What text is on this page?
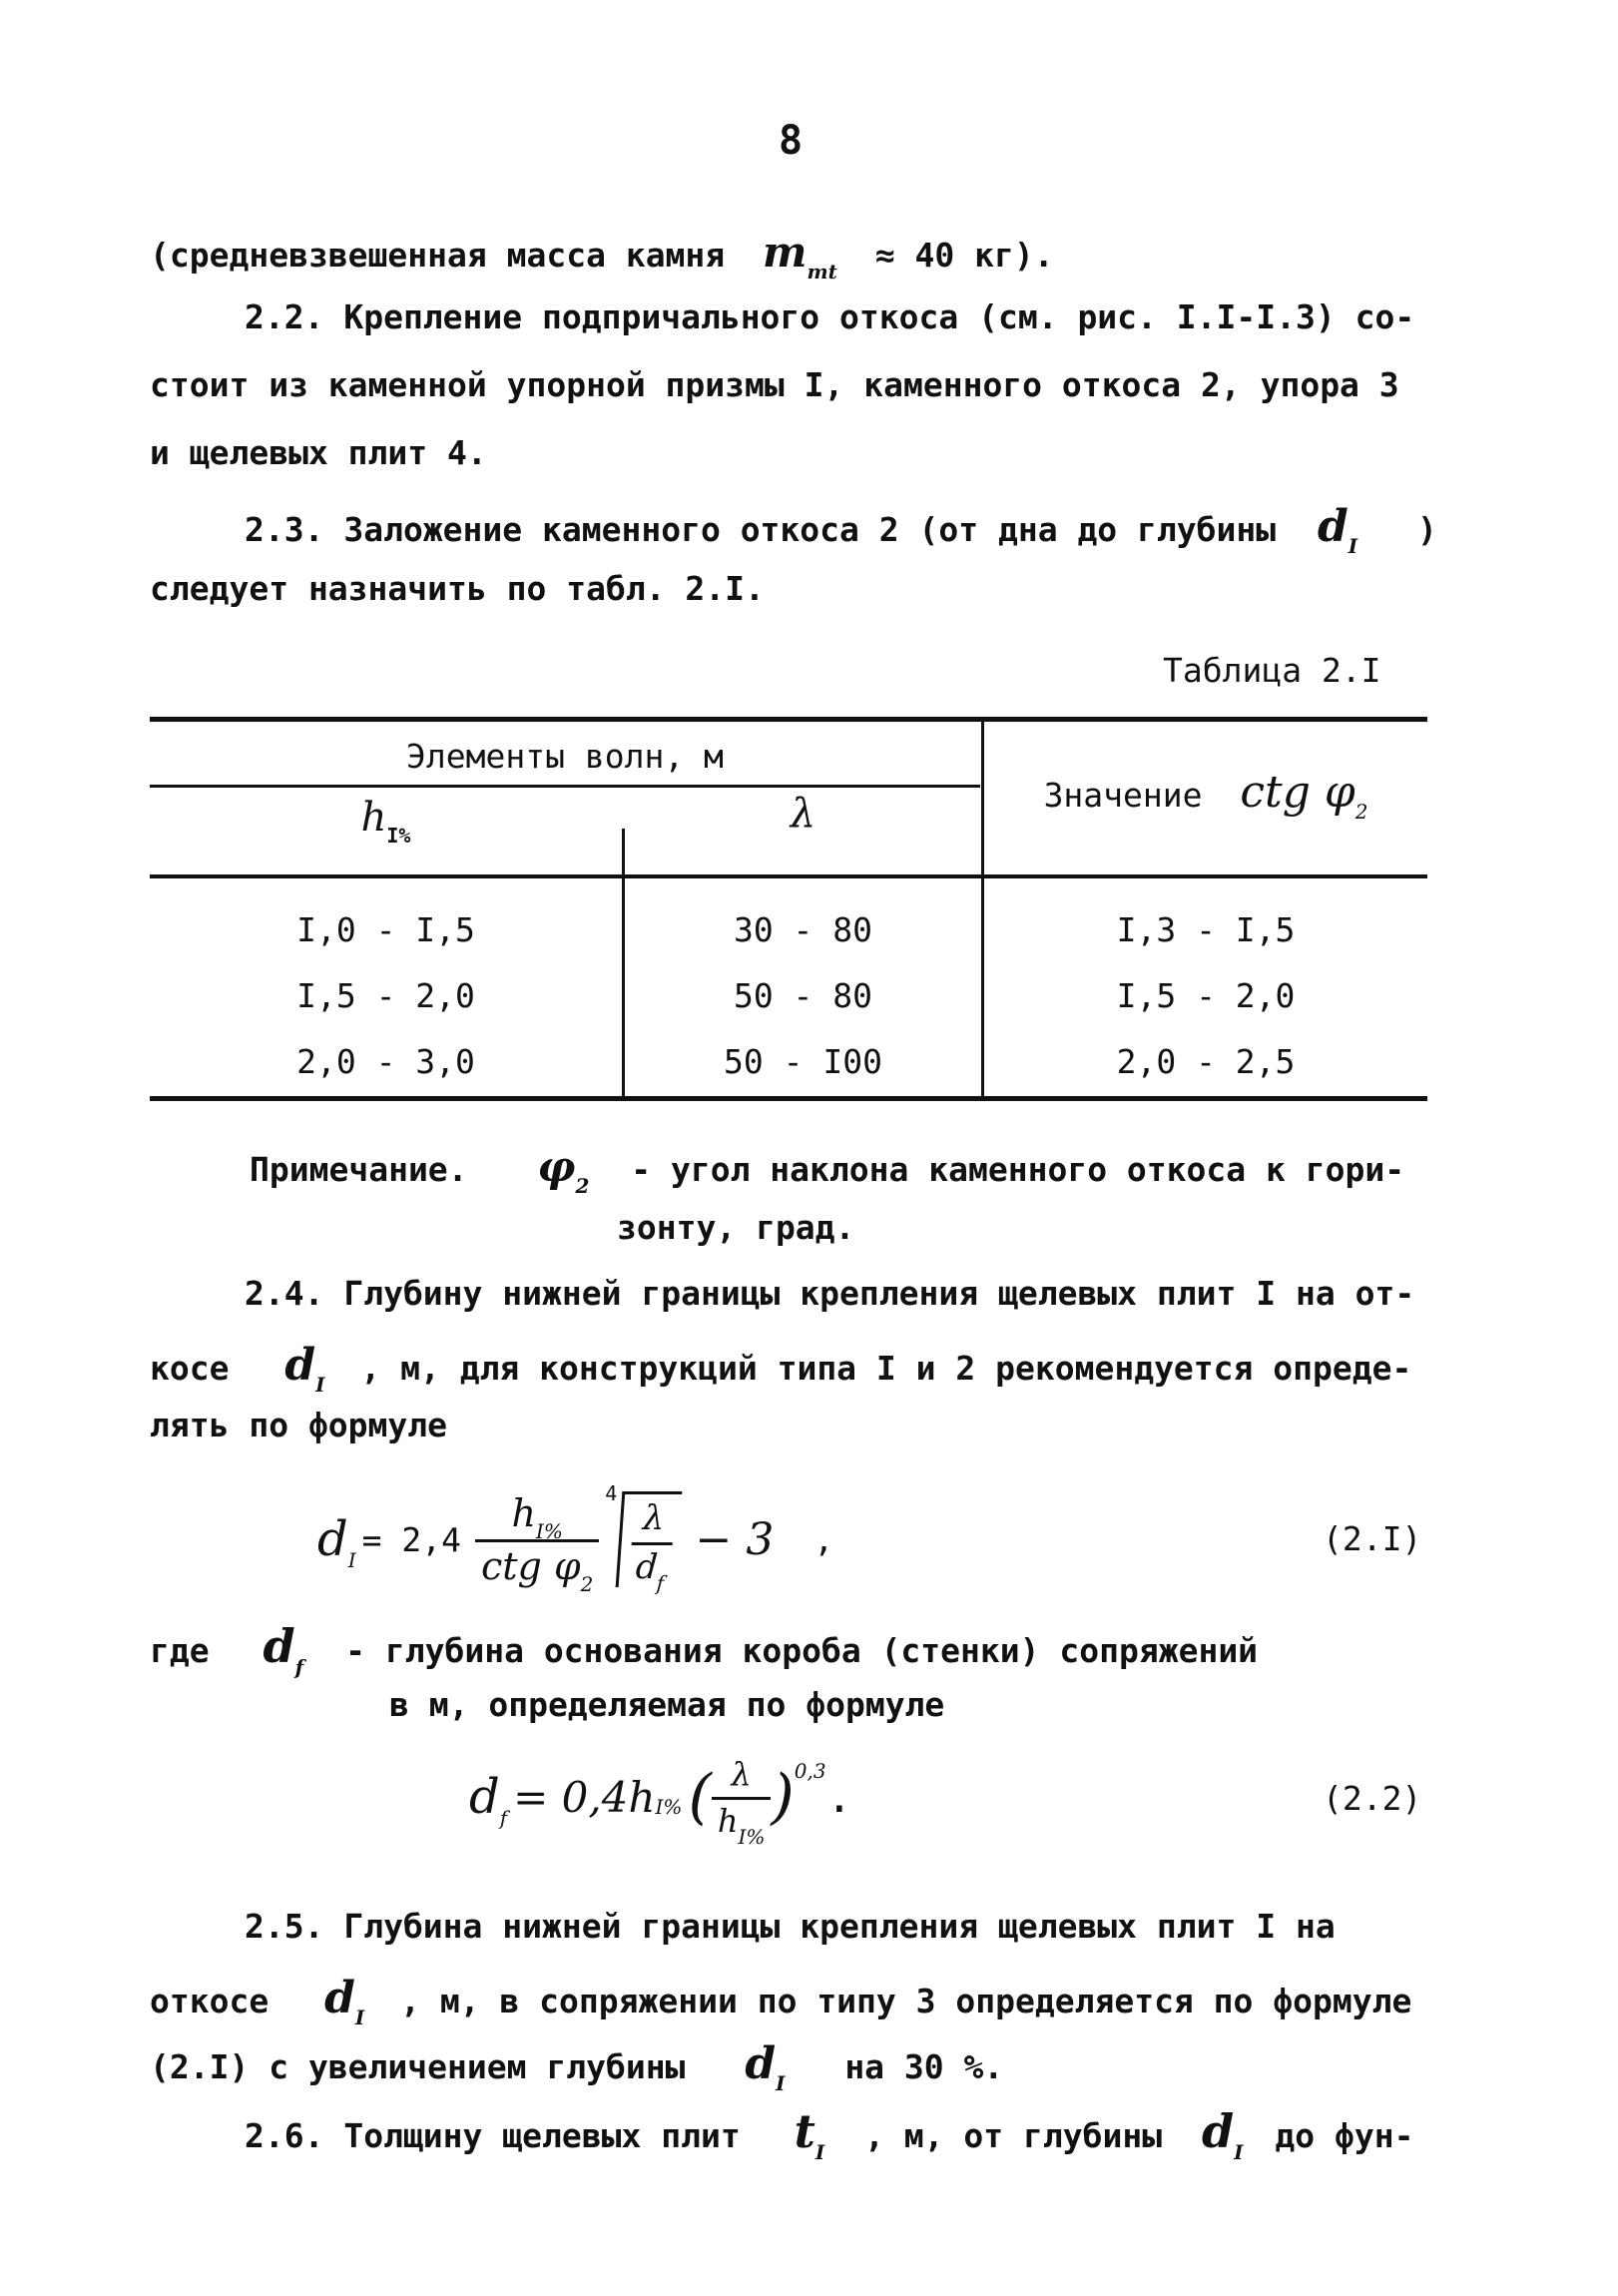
8
(средневзвешенная масса камня $m_{mt} \approx 40$ кг).
2.2. Крепление подпричального откоса (см. рис. I.I-I.3) со-
стоит из каменной упорной призмы I, каменного откоса 2, упора 3
и щелевых плит 4.
2.3. Заложение каменного откоса 2 (от дна до глубины $d_I$ )
следует назначить по табл. 2.I.
Таблица 2.I
Элементы волн, м
$h_{I\%}$	λ	Значение ctg $\varphi_2$
I,0 - I,5	30 - 80	I,3 - I,5
I,5 - 2,0	50 - 80	I,5 - 2,0
2,0 - 3,0	50 - I00	2,0 - 2,5
Примечание. $\varphi_2$ - угол наклона каменного откоса к гори-
зонту, град.
2.4. Глубину нижней границы крепления щелевых плит I на от-
косе $d_I$ , м, для конструкций типа I и 2 рекомендуется опреде-
лять по формуле
$d_I$
= $2,4 \frac{h_{I\%}}{ctg \varphi_2} 4$
$\frac{\lambda}{d_f} - 3$ ,	(2.I)
где $d_f$ - глубина основания короба (стенки) сопряжений
в м, определяемая по формуле
$d_f = 0,4h$ I% ( $\frac{\lambda}{h_{I\%}}$ ) 0,3
.	(2.2)
2.5. Глубина нижней границы крепления щелевых плит I на
откосе $d_I$ , м, в сопряжении по типу 3 определяется по формуле
(2.I) с увеличением глубины $d_I$ на 30 %.
2.6. Толщину щелевых плит $t_I$ , м, от глубины $d_I$ до фун-
